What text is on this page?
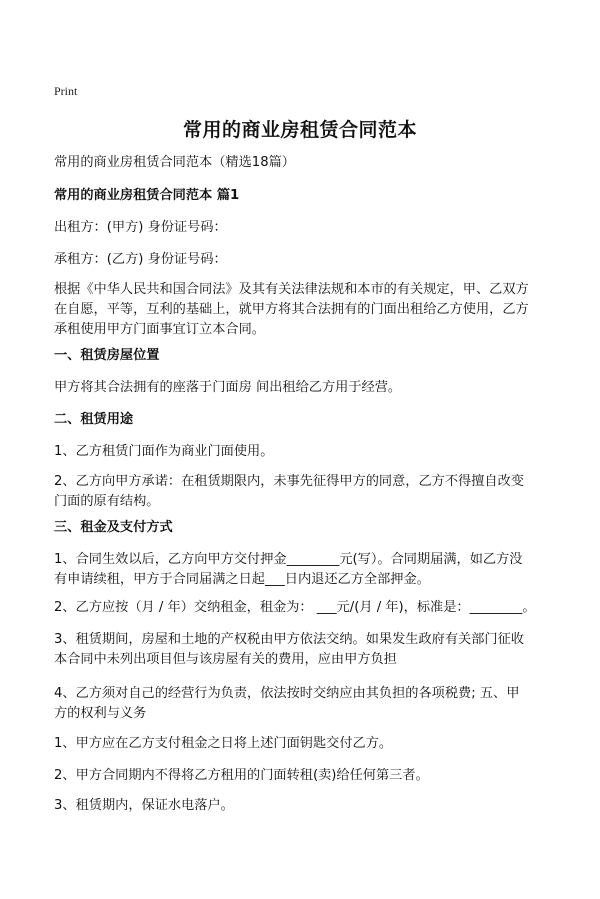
Print
常用的商业房租赁合同范本

常用的商业房租赁合同范本（精选18篇）

常用的商业房租赁合同范本 篇1

出租方：(甲方) 身份证号码：

承租方：(乙方) 身份证号码：

根据《中华人民共和国合同法》及其有关法律法规和本市的有关规定，甲、乙双方
在自愿，平等，互利的基础上，就甲方将其合法拥有的门面出租给乙方使用，乙方
承租使用甲方门面事宜订立本合同。

一、租赁房屋位置

甲方将其合法拥有的座落于门面房 间出租给乙方用于经营。

二、租赁用途

1、乙方租赁门面作为商业门面使用。

2、乙方向甲方承诺：在租赁期限内，未事先征得甲方的同意，乙方不得擅自改变
门面的原有结构。

三、租金及支付方式

1、合同生效以后，乙方向甲方交付押金________元(写）。合同期届满，如乙方没
有申请续租，甲方于合同届满之日起___日内退还乙方全部押金。

2、乙方应按（月 / 年）交纳租金，租金为： ___元/(月 / 年)，标准是：________。

3、租赁期间，房屋和土地的产权税由甲方依法交纳。如果发生政府有关部门征收
本合同中未列出项目但与该房屋有关的费用，应由甲方负担

4、乙方须对自己的经营行为负责，依法按时交纳应由其负担的各项税费; 五、甲
方的权利与义务

1、甲方应在乙方支付租金之日将上述门面钥匙交付乙方。

2、甲方合同期内不得将乙方租用的门面转租(卖)给任何第三者。

3、租赁期内，保证水电落户。
